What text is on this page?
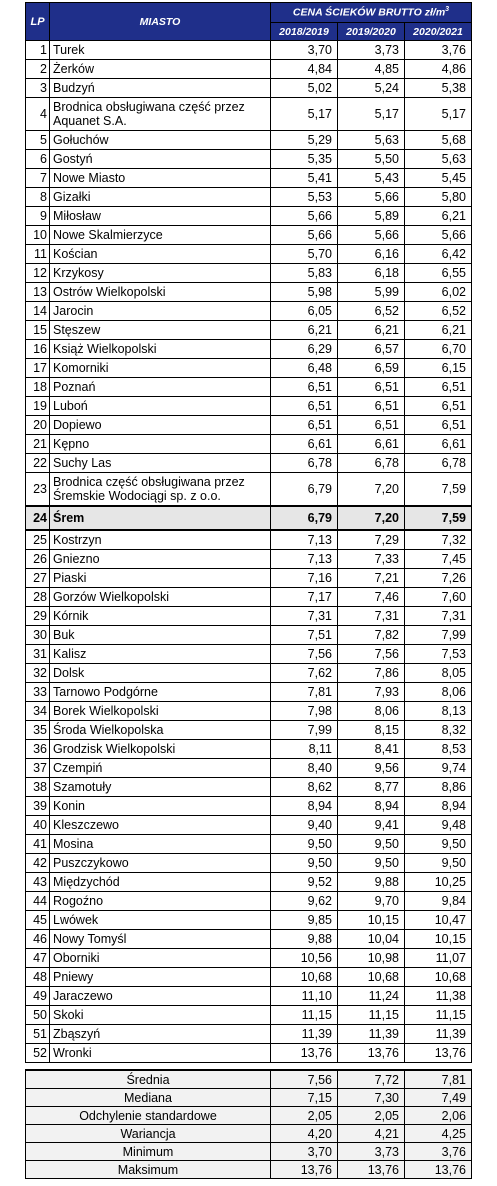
LP	MIASTO	CENA ŚCIEKÓW BRUTTO $zł/m^3$
		2018/2019	2019/2020	2020/2021
1	Turek	3,70	3,73	3,76
2	Żerków	4,84	4,85	4,86
3	Budzyń	5,02	5,24	5,38
4	Brodnica obsługiwana część przez Aquanet S.A.	5,17	5,17	5,17
5	Gołuchów	5,29	5,63	5,68
6	Gostyń	5,35	5,50	5,63
7	Nowe Miasto	5,41	5,43	5,45
8	Gizałki	5,53	5,66	5,80
9	Miłosław	5,66	5,89	6,21
10	Nowe Skalmierzyce	5,66	5,66	5,66
11	Kościan	5,70	6,16	6,42
12	Krzykosy	5,83	6,18	6,55
13	Ostrów Wielkopolski	5,98	5,99	6,02
14	Jarocin	6,05	6,52	6,52
15	Stęszew	6,21	6,21	6,21
16	Książ Wielkopolski	6,29	6,57	6,70
17	Komorniki	6,48	6,59	6,15
18	Poznań	6,51	6,51	6,51
19	Luboń	6,51	6,51	6,51
20	Dopiewo	6,51	6,51	6,51
21	Kępno	6,61	6,61	6,61
22	Suchy Las	6,78	6,78	6,78
23	Brodnica część obsługiwana przez Śremskie Wodociągi sp. z o.o.	6,79	7,20	7,59
24	Śrem	6,79	7,20	7,59
25	Kostrzyn	7,13	7,29	7,32
26	Gniezno	7,13	7,33	7,45
27	Piaski	7,16	7,21	7,26
28	Gorzów Wielkopolski	7,17	7,46	7,60
29	Kórnik	7,31	7,31	7,31
30	Buk	7,51	7,82	7,99
31	Kalisz	7,56	7,56	7,53
32	Dolsk	7,62	7,86	8,05
33	Tarnowo Podgórne	7,81	7,93	8,06
34	Borek Wielkopolski	7,98	8,06	8,13
35	Środa Wielkopolska	7,99	8,15	8,32
36	Grodzisk Wielkopolski	8,11	8,41	8,53
37	Czempiń	8,40	9,56	9,74
38	Szamotuły	8,62	8,77	8,86
39	Konin	8,94	8,94	8,94
40	Kleszczewo	9,40	9,41	9,48
41	Mosina	9,50	9,50	9,50
42	Puszczykowo	9,50	9,50	9,50
43	Międzychód	9,52	9,88	10,25
44	Rogoźno	9,62	9,70	9,84
45	Lwówek	9,85	10,15	10,47
46	Nowy Tomyśl	9,88	10,04	10,15
47	Oborniki	10,56	10,98	11,07
48	Pniewy	10,68	10,68	10,68
49	Jaraczewo	11,10	11,24	11,38
50	Skoki	11,15	11,15	11,15
51	Zbąszyń	11,39	11,39	11,39
52	Wronki	13,76	13,76	13,76
Średnia	7,56	7,72	7,81
Mediana	7,15	7,30	7,49
Odchylenie standardowe	2,05	2,05	2,06
Wariancja	4,20	4,21	4,25
Minimum	3,70	3,73	3,76
Maksimum	13,76	13,76	13,76
